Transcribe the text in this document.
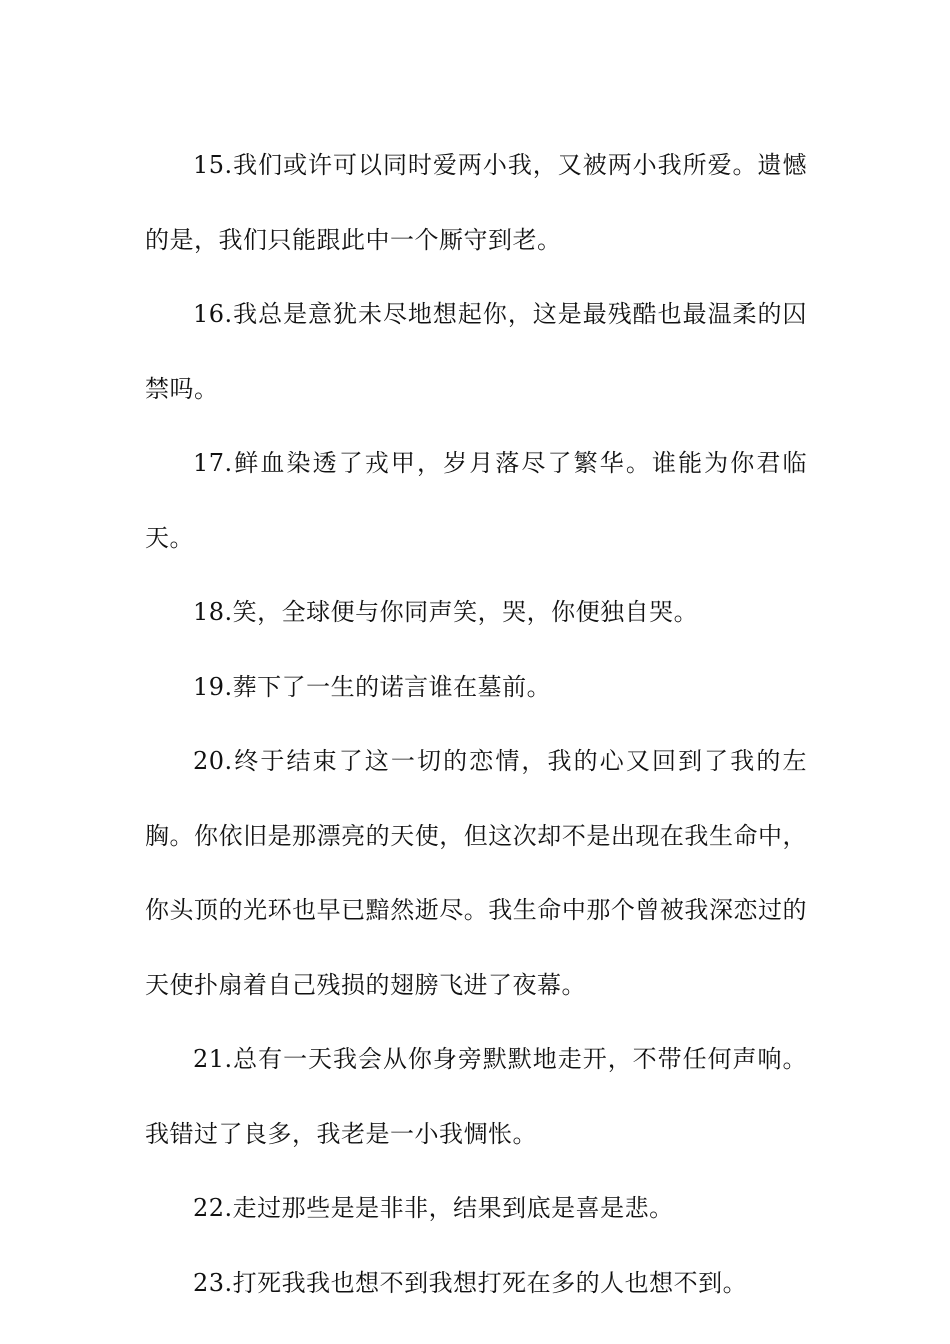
15.我们或许可以同时爱两小我，又被两小我所爱。遗憾的是，我们只能跟此中一个厮守到老。

16.我总是意犹未尽地想起你，这是最残酷也最温柔的囚禁吗。

17.鲜血染透了戎甲，岁月落尽了繁华。谁能为你君临天。

18.笑，全球便与你同声笑，哭，你便独自哭。

19.葬下了一生的诺言谁在墓前。

20.终于结束了这一切的恋情，我的心又回到了我的左胸。你依旧是那漂亮的天使，但这次却不是出现在我生命中，你头顶的光环也早已黯然逝尽。我生命中那个曾被我深恋过的天使扑扇着自己残损的翅膀飞进了夜幕。

21.总有一天我会从你身旁默默地走开，不带任何声响。我错过了良多，我老是一小我惆怅。

22.走过那些是是非非，结果到底是喜是悲。

23.打死我我也想不到我想打死在多的人也想不到。
